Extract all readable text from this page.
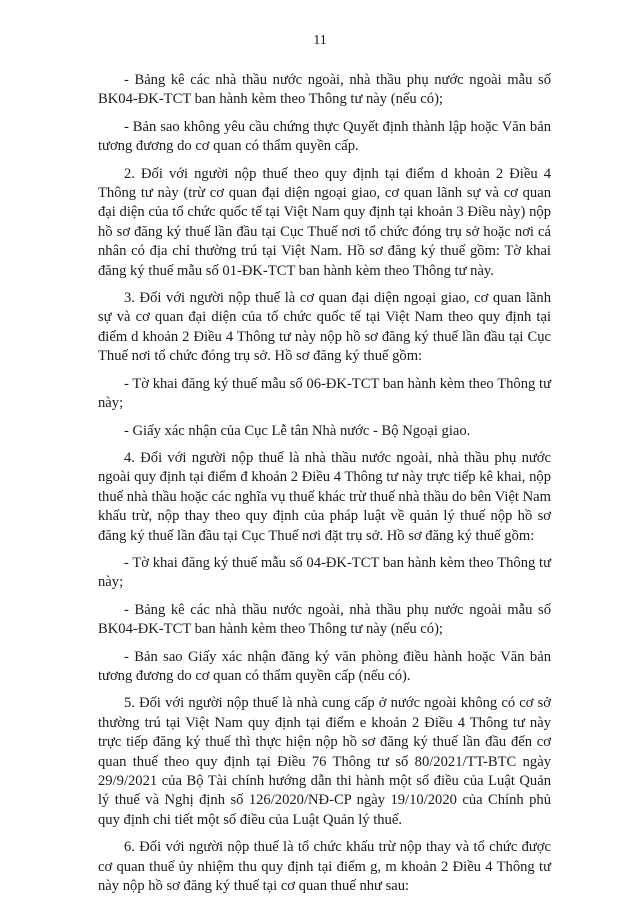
11

- Bảng kê các nhà thầu nước ngoài, nhà thầu phụ nước ngoài mẫu số BK04-ĐK-TCT ban hành kèm theo Thông tư này (nếu có);

- Bản sao không yêu cầu chứng thực Quyết định thành lập hoặc Văn bản tương đương do cơ quan có thẩm quyền cấp.

2. Đối với người nộp thuế theo quy định tại điểm d khoản 2 Điều 4 Thông tư này (trừ cơ quan đại diện ngoại giao, cơ quan lãnh sự và cơ quan đại diện của tổ chức quốc tế tại Việt Nam quy định tại khoản 3 Điều này) nộp hồ sơ đăng ký thuế lần đầu tại Cục Thuế nơi tổ chức đóng trụ sở hoặc nơi cá nhân có địa chỉ thường trú tại Việt Nam. Hồ sơ đăng ký thuế gồm: Tờ khai đăng ký thuế mẫu số 01-ĐK-TCT ban hành kèm theo Thông tư này.

3. Đối với người nộp thuế là cơ quan đại diện ngoại giao, cơ quan lãnh sự và cơ quan đại diện của tổ chức quốc tế tại Việt Nam theo quy định tại điểm d khoản 2 Điều 4 Thông tư này nộp hồ sơ đăng ký thuế lần đầu tại Cục Thuế nơi tổ chức đóng trụ sở. Hồ sơ đăng ký thuế gồm:

- Tờ khai đăng ký thuế mẫu số 06-ĐK-TCT ban hành kèm theo Thông tư này;

- Giấy xác nhận của Cục Lễ tân Nhà nước - Bộ Ngoại giao.

4. Đối với người nộp thuế là nhà thầu nước ngoài, nhà thầu phụ nước ngoài quy định tại điểm đ khoản 2 Điều 4 Thông tư này trực tiếp kê khai, nộp thuế nhà thầu hoặc các nghĩa vụ thuế khác trừ thuế nhà thầu do bên Việt Nam khấu trừ, nộp thay theo quy định của pháp luật về quản lý thuế nộp hồ sơ đăng ký thuế lần đầu tại Cục Thuế nơi đặt trụ sở. Hồ sơ đăng ký thuế gồm:

- Tờ khai đăng ký thuế mẫu số 04-ĐK-TCT ban hành kèm theo Thông tư này;

- Bảng kê các nhà thầu nước ngoài, nhà thầu phụ nước ngoài mẫu số BK04-ĐK-TCT ban hành kèm theo Thông tư này (nếu có);

- Bản sao Giấy xác nhận đăng ký văn phòng điều hành hoặc Văn bản tương đương do cơ quan có thẩm quyền cấp (nếu có).

5. Đối với người nộp thuế là nhà cung cấp ở nước ngoài không có cơ sở thường trú tại Việt Nam quy định tại điểm e khoản 2 Điều 4 Thông tư này trực tiếp đăng ký thuế thì thực hiện nộp hồ sơ đăng ký thuế lần đầu đến cơ quan thuế theo quy định tại Điều 76 Thông tư số 80/2021/TT-BTC ngày 29/9/2021 của Bộ Tài chính hướng dẫn thi hành một số điều của Luật Quản lý thuế và Nghị định số 126/2020/NĐ-CP ngày 19/10/2020 của Chính phủ quy định chi tiết một số điều của Luật Quản lý thuế.

6. Đối với người nộp thuế là tổ chức khấu trừ nộp thay và tổ chức được cơ quan thuế ủy nhiệm thu quy định tại điểm g, m khoản 2 Điều 4 Thông tư này nộp hồ sơ đăng ký thuế tại cơ quan thuế như sau:
